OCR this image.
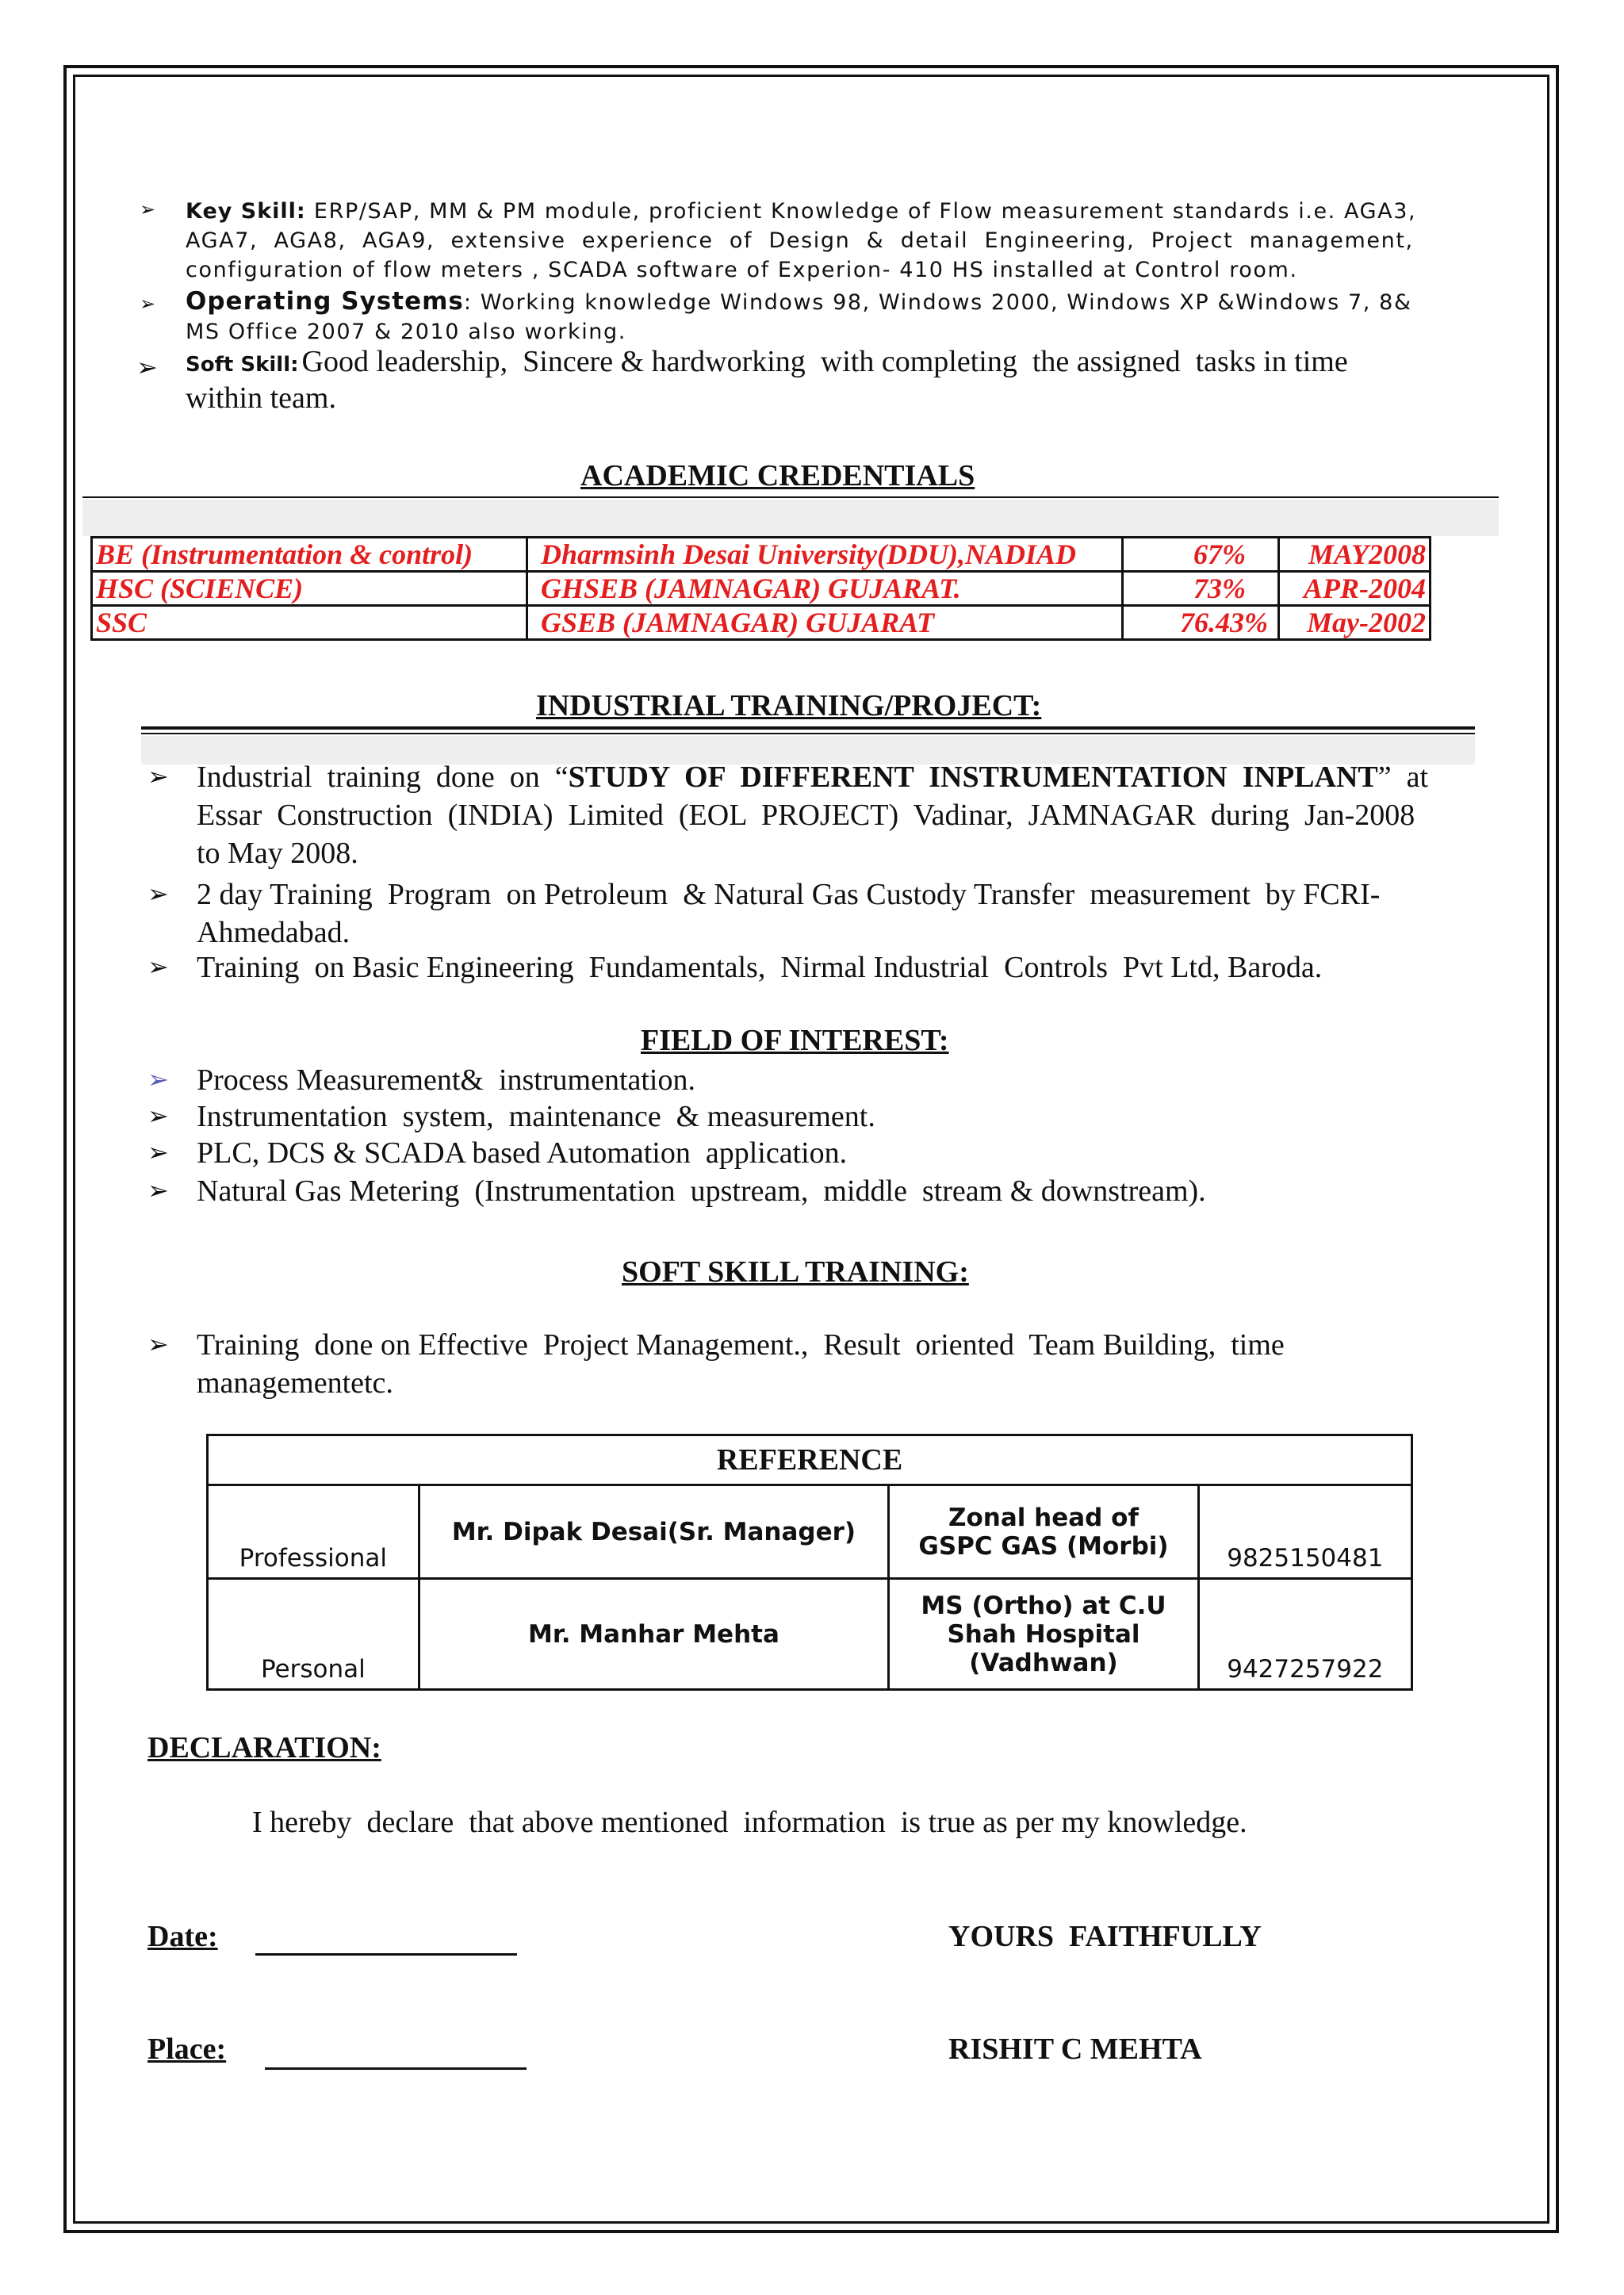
➢ Key Skill: ERP/SAP, MM & PM module, proficient Knowledge of Flow measurement standards i.e. AGA3,
AGA7,  AGA8,  AGA9,  extensive  experience  of  Design  &  detail  Engineering,  Project  management,
configuration of flow meters , SCADA software of Experion- 410 HS installed at Control room.
➢ Operating Systems: Working knowledge Windows 98, Windows 2000, Windows XP &Windows 7, 8&
MS Office 2007 & 2010 also working.
➢ Soft Skill: Good leadership,  Sincere & hardworking  with completing  the assigned  tasks in time
within team.
ACADEMIC CREDENTIALS
BE (Instrumentation & control)	Dharmsinh Desai University(DDU),NADIAD	67%	MAY2008
HSC (SCIENCE)	GHSEB (JAMNAGAR) GUJARAT.	73%	APR-2004
SSC	GSEB (JAMNAGAR) GUJARAT	76.43%	May-2002
INDUSTRIAL TRAINING/PROJECT:
➢ Industrial  training  done  on  “STUDY  OF  DIFFERENT  INSTRUMENTATION  INPLANT”  at
Essar  Construction  (INDIA)  Limited  (EOL  PROJECT)  Vadinar,  JAMNAGAR  during  Jan-2008
to May 2008.
➢ 2 day Training  Program  on Petroleum  & Natural Gas Custody Transfer  measurement  by FCRI-
Ahmedabad.
➢ Training  on Basic Engineering  Fundamentals,  Nirmal Industrial  Controls  Pvt Ltd, Baroda.
FIELD OF INTEREST:
➢ Process Measurement&  instrumentation.
➢ Instrumentation  system,  maintenance  & measurement.
➢ PLC, DCS & SCADA based Automation  application.
➢ Natural Gas Metering  (Instrumentation  upstream,  middle  stream & downstream).
SOFT SKILL TRAINING:
➢ Training  done on Effective  Project Management.,  Result  oriented  Team Building,  time
managementetc.
REFERENCE			
Professional	Mr. Dipak Desai(Sr. Manager)	Zonal head of GSPC GAS (Morbi)	9825150481
Personal	Mr. Manhar Mehta	MS (Ortho) at C.U Shah Hospital (Vadhwan)	9427257922
DECLARATION:
I hereby  declare  that above mentioned  information  is true as per my knowledge.
Date:	YOURS  FAITHFULLY
Place:	RISHIT C MEHTA
